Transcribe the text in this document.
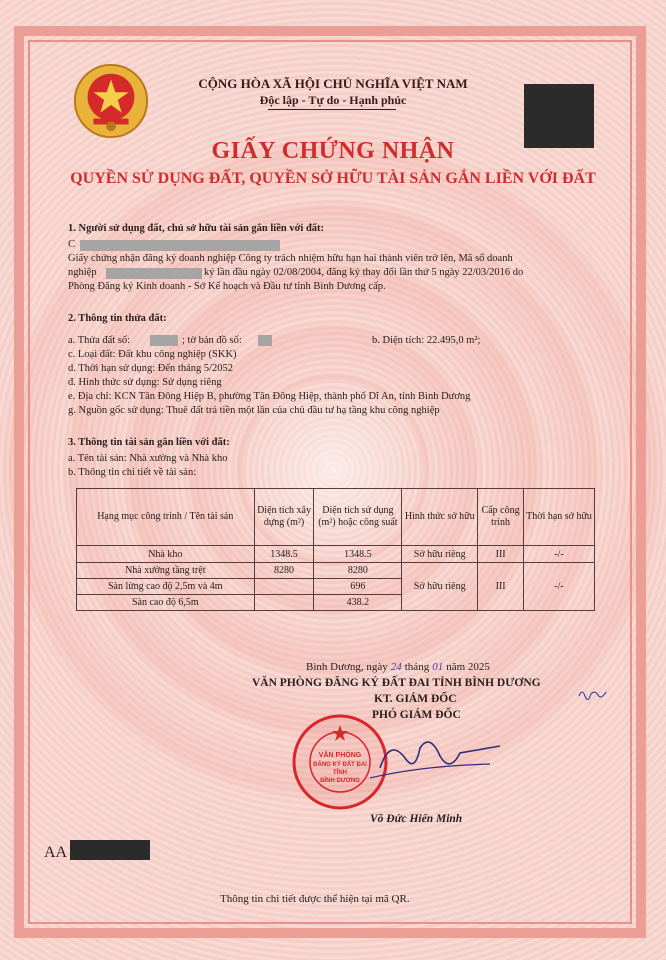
CỘNG HÒA XÃ HỘI CHỦ NGHĨA VIỆT NAM
Độc lập - Tự do - Hạnh phúc
GIẤY CHỨNG NHẬN
QUYỀN SỬ DỤNG ĐẤT, QUYỀN SỞ HỮU TÀI SẢN GẮN LIỀN VỚI ĐẤT
1. Người sử dụng đất, chủ sở hữu tài sản gắn liền với đất:
C
Giấy chứng nhận đăng ký doanh nghiệp Công ty trách nhiệm hữu hạn hai thành viên trở lên, Mã số doanh
nghiệp	ký lần đầu ngày 02/08/2004, đăng ký thay đổi lần thứ 5 ngày 22/03/2016 do
Phòng Đăng ký Kinh doanh - Sở Kế hoạch và Đầu tư tỉnh Bình Dương cấp.
2. Thông tin thửa đất:
a. Thửa đất số:	; tờ bản đồ số:	b. Diện tích: 22.495,0 m²;
c. Loại đất: Đất khu công nghiệp (SKK)
d. Thời hạn sử dụng: Đến tháng 5/2052
đ. Hình thức sử dụng: Sử dụng riêng
e. Địa chỉ: KCN Tân Đông Hiệp B, phường Tân Đông Hiệp, thành phố Dĩ An, tỉnh Bình Dương
g. Nguồn gốc sử dụng: Thuê đất trả tiền một lần của chủ đầu tư hạ tầng khu công nghiệp
3. Thông tin tài sản gắn liền với đất:
a. Tên tài sản: Nhà xưởng và Nhà kho
b. Thông tin chi tiết về tài sản:
Hạng mục công trình / Tên tài sản	Diện tích xây dựng (m²)	Diện tích sử dụng (m²) hoặc công suất	Hình thức sở hữu	Cấp công trình	Thời hạn sở hữu
Nhà kho	1348.5	1348.5	Sở hữu riêng	III	-/-
Nhà xưởng tầng trệt	8280	8280	Sở hữu riêng	III	-/-
Sàn lửng cao độ 2,5m và 4m		696			
Sàn cao độ 6,5m		438.2			
Bình Dương, ngày 24 tháng 01 năm 2025
VĂN PHÒNG ĐĂNG KÝ ĐẤT ĐAI TỈNH BÌNH DƯƠNG
KT. GIÁM ĐỐC
PHÓ GIÁM ĐỐC
VĂN PHÒNG
ĐĂNG KÝ ĐẤT ĐAI
TỈNH
BÌNH DƯƠNG
Võ Đức Hiển Minh
AA
Thông tin chi tiết được thể hiện tại mã QR.
